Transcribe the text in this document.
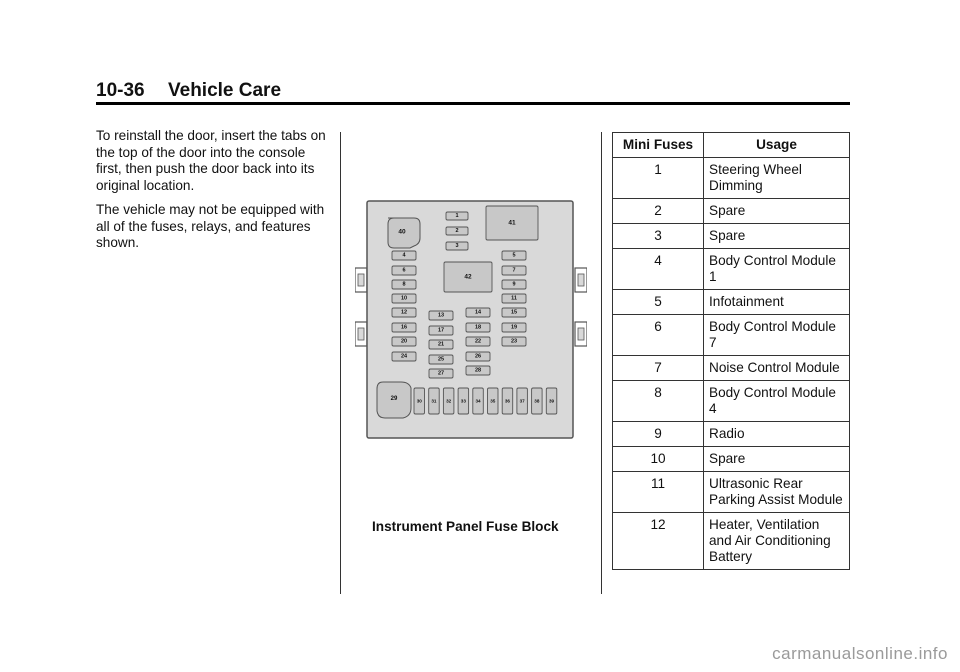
10-36 Vehicle Care

To reinstall the door, insert the tabs on the top of the door into the console first, then push the door back into its original location.

The vehicle may not be equipped with all of the fuses, relays, and features shown.

1
2
3
4	5
6	7
8	9
10	11
12	13	14	15
16	17	18	19
20	21	22	23
24	25	26
27	28
41
42
40
29	30 31 32 33 34 35 36 37 38 39
Instrument Panel Fuse Block
Mini Fuses	Usage
1	Steering Wheel Dimming
2	Spare
3	Spare
4	Body Control Module 1
5	Infotainment
6	Body Control Module 7
7	Noise Control Module
8	Body Control Module 4
9	Radio
10	Spare
11	Ultrasonic Rear Parking Assist Module
12	Heater, Ventilation and Air Conditioning Battery
carmanualsonline.info
